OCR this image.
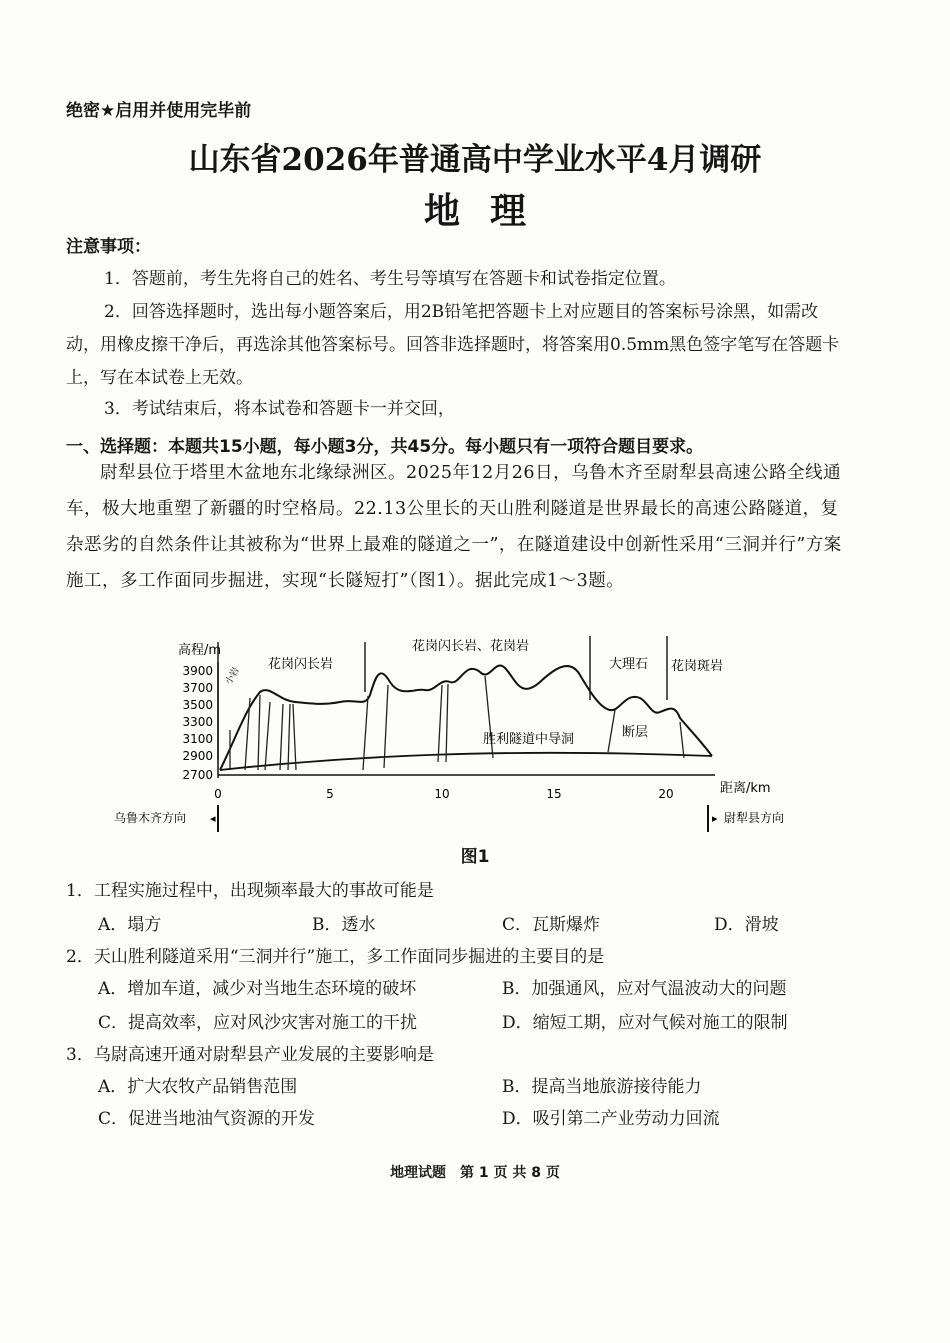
绝密★启用并使用完毕前
山东省2026年普通高中学业水平4月调研
地理
注意事项：
1．答题前，考生先将自己的姓名、考生号等填写在答题卡和试卷指定位置。
2．回答选择题时，选出每小题答案后，用2B铅笔把答题卡上对应题目的答案标号涂黑，如需改动，用橡皮擦干净后，再选涂其他答案标号。回答非选择题时，将答案用0.5mm黑色签字笔写在答题卡上，写在本试卷上无效。
3．考试结束后，将本试卷和答题卡一并交回，
一、选择题：本题共15小题，每小题3分，共45分。每小题只有一项符合题目要求。
尉犁县位于塔里木盆地东北缘绿洲区。2025年12月26日，乌鲁木齐至尉犁县高速公路全线通车，极大地重塑了新疆的时空格局。22.13公里长的天山胜利隧道是世界最长的高速公路隧道，复杂恶劣的自然条件让其被称为“世界上最难的隧道之一”，在隧道建设中创新性采用“三洞并行”方案施工，多工作面同步掘进，实现“长隧短打”（图1）。据此完成1～3题。
高程/m
距离/km
3900
3700
3500
3300
3100
2900
2700
0	5	10	15	20
花岗闪长岩
花岗闪长岩、花岗岩
大理石 花岗斑岩
小岩
胜利隧道中导洞	断层
乌鲁木齐方向 ◂	▸ 尉犁县方向
图1
1．工程实施过程中，出现频率最大的事故可能是
A．塌方	B．透水	C．瓦斯爆炸	D．滑坡
2．天山胜利隧道采用“三洞并行”施工，多工作面同步掘进的主要目的是
A．增加车道，减少对当地生态环境的破坏	B．加强通风，应对气温波动大的问题
C．提高效率，应对风沙灾害对施工的干扰	D．缩短工期，应对气候对施工的限制
3．乌尉高速开通对尉犁县产业发展的主要影响是
A．扩大农牧产品销售范围	B．提高当地旅游接待能力
C．促进当地油气资源的开发	D．吸引第二产业劳动力回流
地理试题　第 1 页 共 8 页
